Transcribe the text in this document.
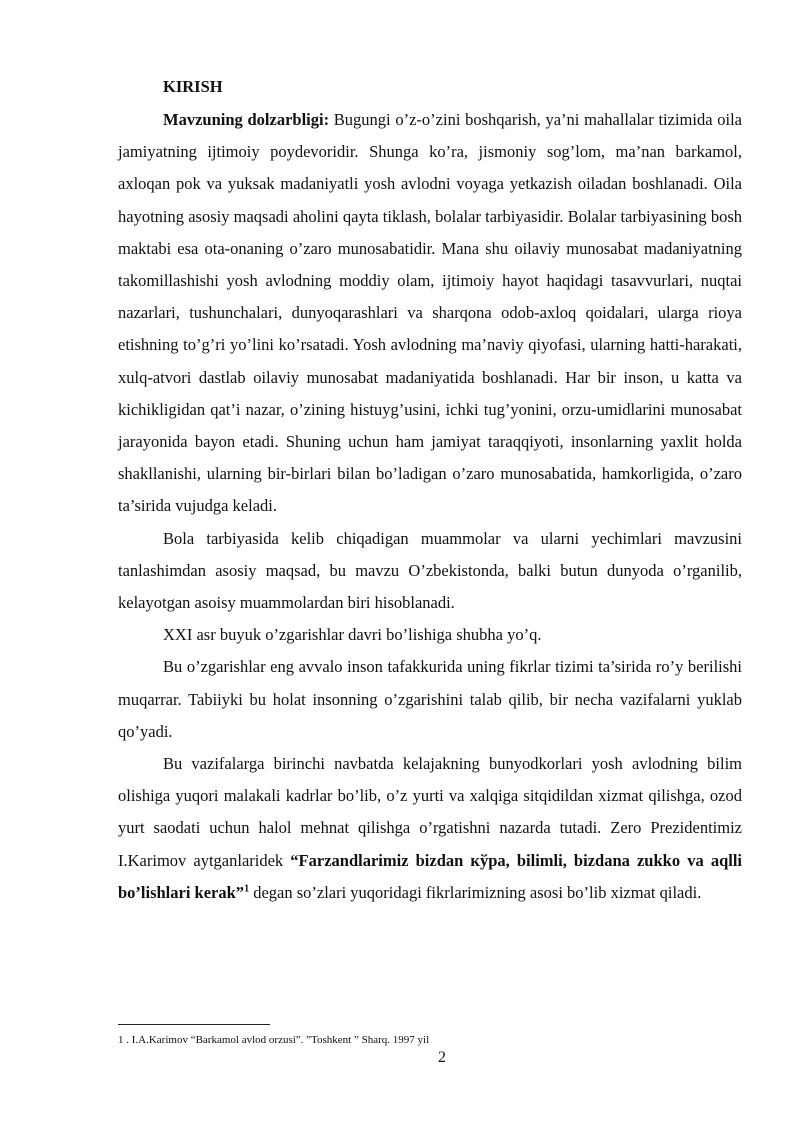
KIRISH

Mavzuning dolzarbligi: Bugungi o’z-o’zini boshqarish, ya’ni mahallalar tizimida oila jamiyatning ijtimoiy poydevoridir. Shunga ko’ra, jismoniy sog’lom, ma’nan barkamol, axloqan pok va yuksak madaniyatli yosh avlodni voyaga yetkazish oiladan boshlanadi. Oila hayotning asosiy maqsadi aholini qayta tiklash, bolalar tarbiyasidir. Bolalar tarbiyasining bosh maktabi esa ota-onaning o’zaro munosabatidir. Mana shu oilaviy munosabat madaniyatning takomillashishi yosh avlodning moddiy olam, ijtimoiy hayot haqidagi tasavvurlari, nuqtai nazarlari, tushunchalari, dunyoqarashlari va sharqona odob-axloq qoidalari, ularga rioya etishning to’g’ri yo’lini ko’rsatadi. Yosh avlodning ma’naviy qiyofasi, ularning hatti-harakati, xulq-atvori dastlab oilaviy munosabat madaniyatida boshlanadi. Har bir inson, u katta va kichikligidan qat’i nazar, o’zining histuyg’usini, ichki tug’yonini, orzu-umidlarini munosabat jarayonida bayon etadi. Shuning uchun ham jamiyat taraqqiyoti, insonlarning yaxlit holda shakllanishi, ularning bir-birlari bilan bo’ladigan o’zaro munosabatida, hamkorligida, o’zaro ta’sirida vujudga keladi.

Bola tarbiyasida kelib chiqadigan muammolar va ularni yechimlari mavzusini tanlashimdan asosiy maqsad, bu mavzu O’zbekistonda, balki butun dunyoda o’rganilib, kelayotgan asoisy muammolardan biri hisoblanadi.

XXI asr buyuk o’zgarishlar davri bo’lishiga shubha yo’q.

Bu o’zgarishlar eng avvalo inson tafakkurida uning fikrlar tizimi ta’sirida ro’y berilishi muqarrar. Tabiiyki bu holat insonning o’zgarishini talab qilib, bir necha vazifalarni yuklab qo’yadi.

Bu vazifalarga birinchi navbatda kelajakning bunyodkorlari yosh avlodning bilim olishiga yuqori malakali kadrlar bo’lib, o’z yurti va xalqiga sitqidildan xizmat qilishga, ozod yurt saodati uchun halol mehnat qilishga o’rgatishni nazarda tutadi. Zero Prezidentimiz I.Karimov aytganlaridek “Farzandlarimiz bizdan кўpa, bilimli, bizdana zukko va aqlli bo’lishlari kerak”$^1$ degan so’zlari yuqoridagi fikrlarimizning asosi bo’lib xizmat qiladi.

1 . I.A.Karimov “Barkamol avlod orzusi”. ”Toshkent ” Sharq. 1997 yil
2
